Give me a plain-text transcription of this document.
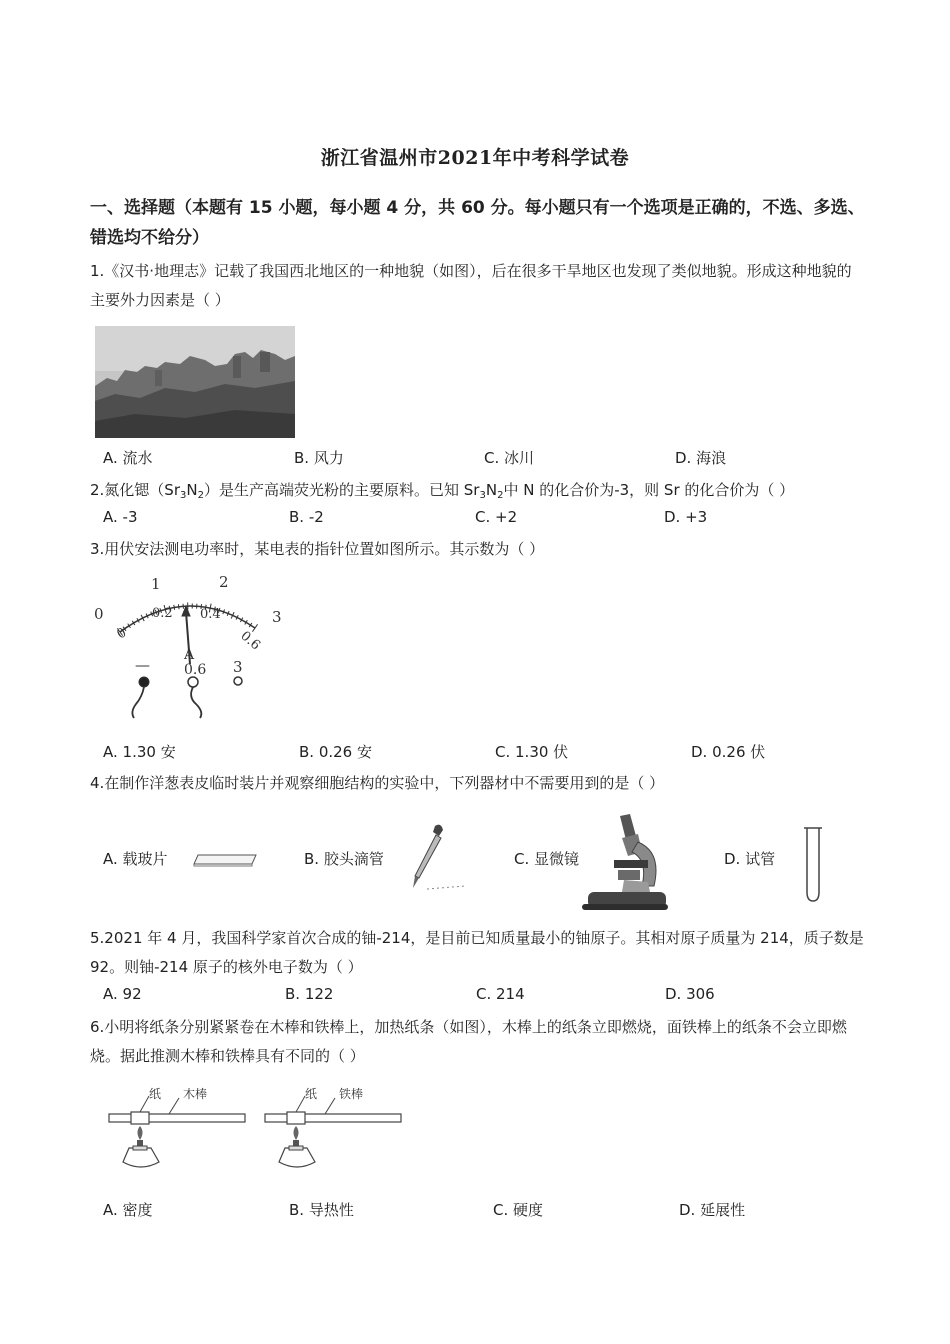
浙江省温州市2021年中考科学试卷
一、选择题（本题有 15 小题，每小题 4 分，共 60 分。每小题只有一个选项是正确的，不选、多选、错选均不给分）
1.《汉书·地理志》记载了我国西北地区的一种地貌（如图），后在很多干旱地区也发现了类似地貌。形成这种地貌的主要外力因素是（ ）
A. 流水	B. 风力	C. 冰川	D. 海浪
2.氮化锶$(Sr_3N_2)$是生产高端荧光粉的主要原料。已知 $Sr_3N_2$中 N 的化合价为-3，则 Sr 的化合价为（ ）
A. -3	B. -2	C. +2	D. +3
3.用伏安法测电功率时，某电表的指针位置如图所示。其示数为（ ）
0
1	2
3
0
0.2 0.4
0.6
A
— 0.6 3
A. 1.30 安	B. 0.26 安	C. 1.30 伏	D. 0.26 伏
4.在制作洋葱表皮临时装片并观察细胞结构的实验中，下列器材中不需要用到的是（ ）
A. 载玻片	B. 胶头滴管	C. 显微镜	D. 试管
5.2021 年 4 月，我国科学家首次合成的铀-214，是目前已知质量最小的铀原子。其相对原子质量为 214，质子数是 92。则铀-214 原子的核外电子数为（ ）
A. 92	B. 122	C. 214	D. 306
6.小明将纸条分别紧紧卷在木棒和铁棒上，加热纸条（如图），木棒上的纸条立即燃烧，面铁棒上的纸条不会立即燃烧。据此推测木棒和铁棒具有不同的（ ）
纸 木棒	纸 铁棒
A. 密度	B. 导热性	C. 硬度	D. 延展性
